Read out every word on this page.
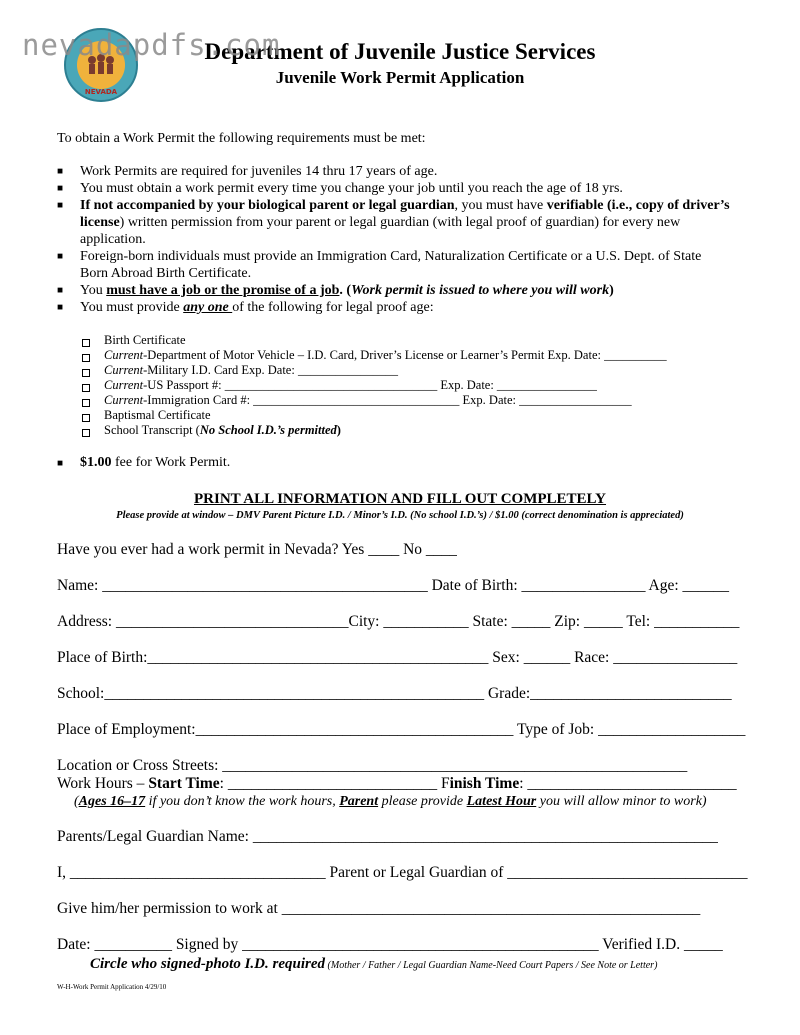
NEVADA
nevadapdfs.com
Department of Juvenile Justice Services
Juvenile Work Permit Application
To obtain a Work Permit the following requirements must be met:
■ Work Permits are required for juveniles 14 thru 17 years of age.
■ You must obtain a work permit every time you change your job until you reach the age of 18 yrs.
■ If not accompanied by your biological parent or legal guardian, you must have verifiable (i.e., copy of driver’s license) written permission from your parent or legal guardian (with legal proof of guardian) for every new application.
■ Foreign-born individuals must provide an Immigration Card, Naturalization Certificate or a U.S. Dept. of State Born Abroad Birth Certificate.
■ You must have a job or the promise of a job. (Work permit is issued to where you will work)
■ You must provide any one of the following for legal proof age:
Birth Certificate
Current-Department of Motor Vehicle – I.D. Card, Driver’s License or Learner’s Permit Exp. Date: __________
Current-Military I.D. Card Exp. Date: ________________
Current-US Passport #: __________________________________ Exp. Date: ________________
Current-Immigration Card #: _________________________________ Exp. Date: __________________
Baptismal Certificate
School Transcript (No School I.D.’s permitted)
■ $1.00 fee for Work Permit.
PRINT ALL INFORMATION AND FILL OUT COMPLETELY
Please provide at window – DMV Parent Picture I.D. / Minor’s I.D. (No school I.D.’s) / $1.00 (correct denomination is appreciated)
Have you ever had a work permit in Nevada? Yes ____ No ____
Name: __________________________________________ Date of Birth: ________________ Age: ______
Address: ______________________________City: ___________ State: _____ Zip: _____ Tel: ___________
Place of Birth:____________________________________________ Sex: ______ Race: ________________
School:_________________________________________________ Grade:__________________________
Place of Employment:_________________________________________ Type of Job: ___________________
Location or Cross Streets: ____________________________________________________________
Work Hours – Start Time: ___________________________ Finish Time: ___________________________
(Ages 16–17 if you don’t know the work hours, Parent please provide Latest Hour you will allow minor to work)
Parents/Legal Guardian Name: ____________________________________________________________
I, _________________________________ Parent or Legal Guardian of _______________________________
Give him/her permission to work at ______________________________________________________
Date: __________ Signed by ______________________________________________ Verified I.D. _____
Circle who signed-photo I.D. required (Mother / Father / Legal Guardian Name-Need Court Papers / See Note or Letter)
W-H-Work Permit Application 4/29/10
